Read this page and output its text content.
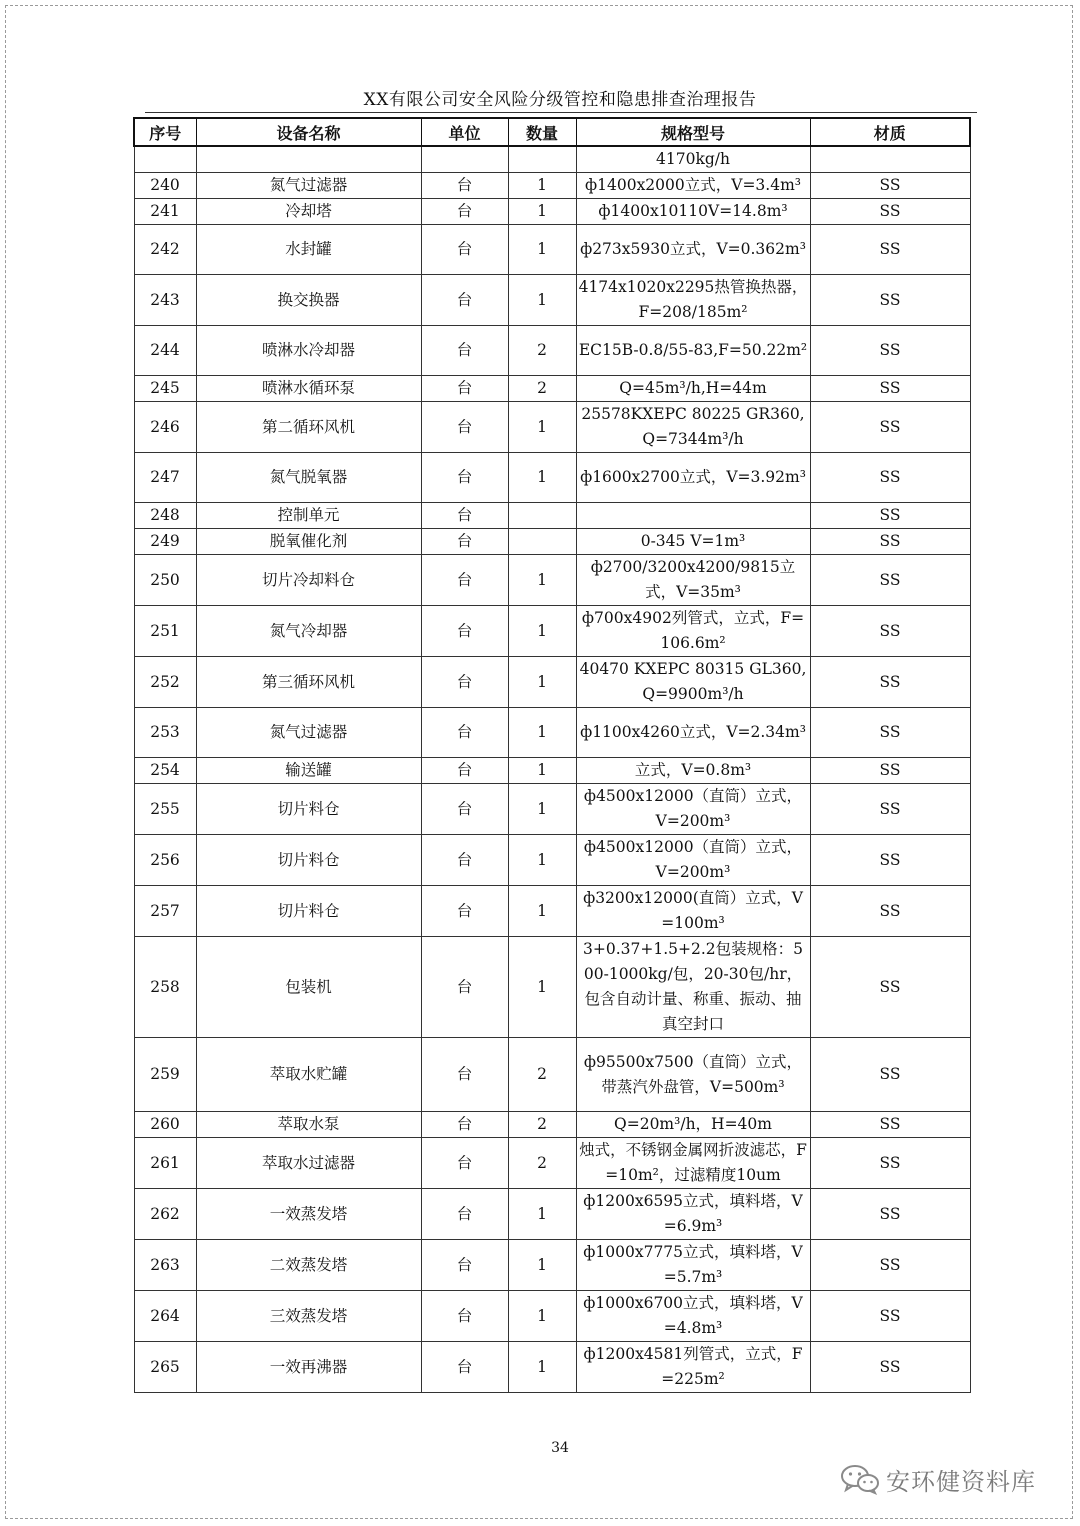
XX有限公司安全风险分级管控和隐患排查治理报告
序号	设备名称	单位	数量	规格型号	材质
				4170kg/h	
240	氮气过滤器	台	1	ф1400x2000立式，V=3.4m³	SS
241	冷却塔	台	1	ф1400x10110V=14.8m³	SS
242	水封罐	台	1	ф273x5930立式，V=0.362m³	SS
243	换交换器	台	1	4174x1020x2295热管换热器，F=208/185m²	SS
244	喷淋水冷却器	台	2	EC15B-0.8/55-83,F=50.22m²	SS
245	喷淋水循环泵	台	2	Q=45m³/h,H=44m	SS
246	第二循环风机	台	1	25578KXEPC 80225 GR360,Q=7344m³/h	SS
247	氮气脱氧器	台	1	ф1600x2700立式，V=3.92m³	SS
248	控制单元	台			SS
249	脱氧催化剂	台		0-345 V=1m³	SS
250	切片冷却料仓	台	1	ф2700/3200x4200/9815立式，V=35m³	SS
251	氮气冷却器	台	1	ф700x4902列管式，立式，F=106.6m²	SS
252	第三循环风机	台	1	40470 KXEPC 80315 GL360,Q=9900m³/h	SS
253	氮气过滤器	台	1	ф1100x4260立式，V=2.34m³	SS
254	输送罐	台	1	立式，V=0.8m³	SS
255	切片料仓	台	1	ф4500x12000（直筒）立式，V=200m³	SS
256	切片料仓	台	1	ф4500x12000（直筒）立式，V=200m³	SS
257	切片料仓	台	1	ф3200x12000(直筒）立式，V=100m³	SS
258	包装机	台	1	3+0.37+1.5+2.2包装规格：500-1000kg/包，20-30包/hr，包含自动计量、称重、振动、抽真空封口	SS
259	萃取水贮罐	台	2	ф95500x7500（直筒）立式，带蒸汽外盘管，V=500m³	SS
260	萃取水泵	台	2	Q=20m³/h，H=40m	SS
261	萃取水过滤器	台	2	烛式，不锈钢金属网折波滤芯，F=10m²，过滤精度10um	SS
262	一效蒸发塔	台	1	ф1200x6595立式，填料塔，V=6.9m³	SS
263	二效蒸发塔	台	1	ф1000x7775立式，填料塔，V=5.7m³	SS
264	三效蒸发塔	台	1	ф1000x6700立式，填料塔，V=4.8m³	SS
265	一效再沸器	台	1	ф1200x4581列管式，立式，F=225m²	SS
34
安环健资料库
